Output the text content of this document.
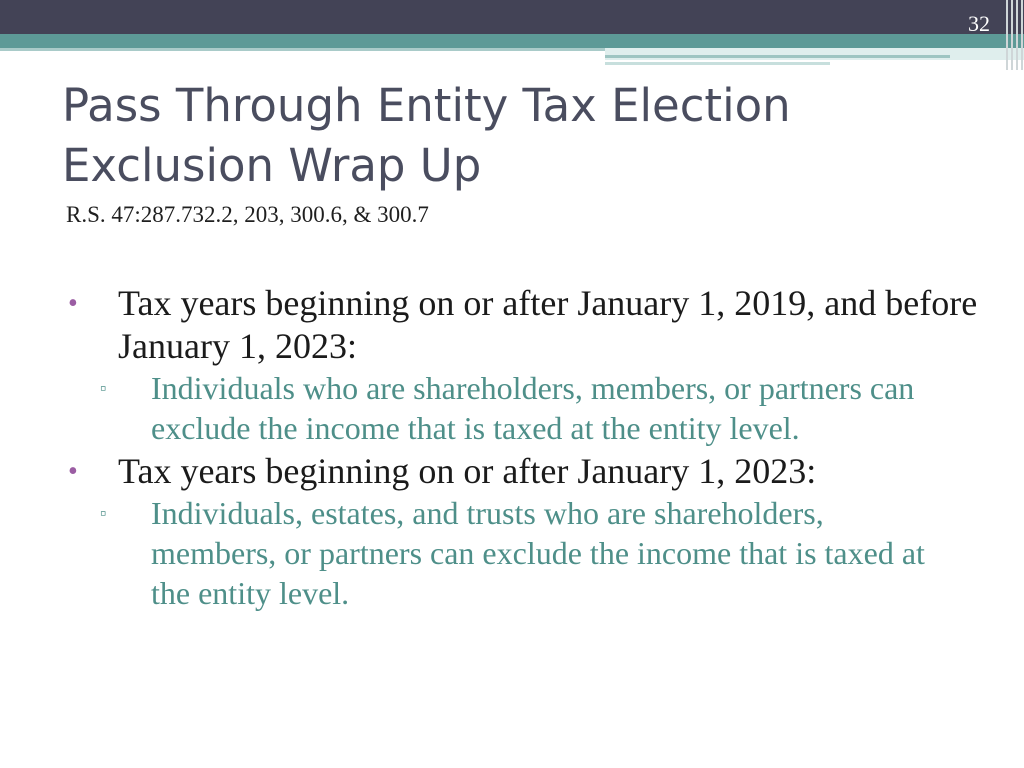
32
Pass Through Entity Tax Election
Exclusion Wrap Up
R.S. 47:287.732.2, 203, 300.6, & 300.7
• Tax years beginning on or after January 1, 2019, and before January 1, 2023:
▫ Individuals who are shareholders, members, or partners can exclude the income that is taxed at the entity level.
• Tax years beginning on or after January 1, 2023:
▫ Individuals, estates, and trusts who are shareholders, members, or partners can exclude the income that is taxed at the entity level.
